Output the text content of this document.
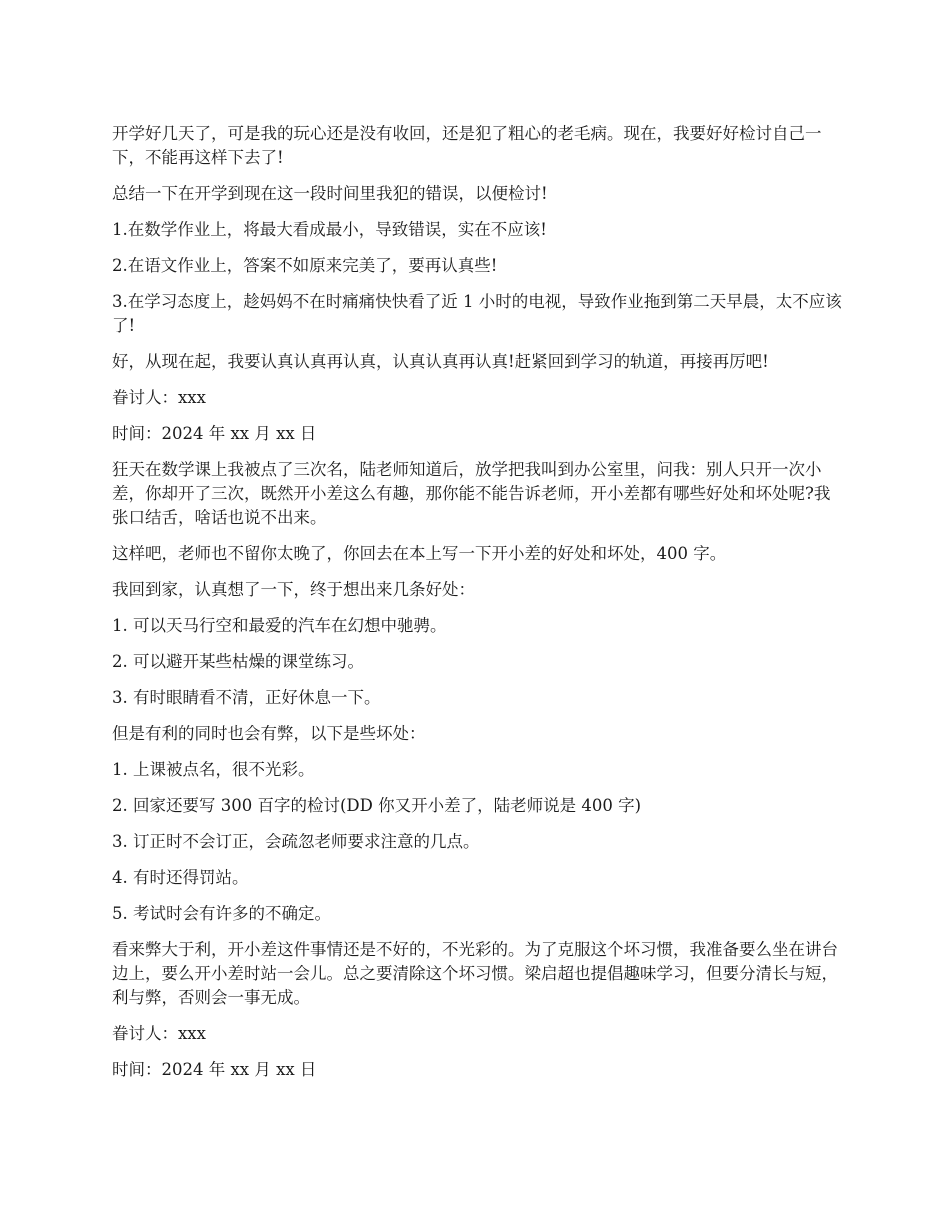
开学好几天了，可是我的玩心还是没有收回，还是犯了粗心的老毛病。现在，我要好好检讨自己一下，不能再这样下去了!

总结一下在开学到现在这一段时间里我犯的错误，以便检讨!

1.在数学作业上，将最大看成最小，导致错误，实在不应该!

2.在语文作业上，答案不如原来完美了，要再认真些!

3.在学习态度上，趁妈妈不在时痛痛快快看了近 1 小时的电视，导致作业拖到第二天早晨，太不应该了!

好，从现在起，我要认真认真再认真，认真认真再认真!赶紧回到学习的轨道，再接再厉吧!

眷讨人：xxx

时间：2024 年 xx 月 xx 日

狂天在数学课上我被点了三次名，陆老师知道后，放学把我叫到办公室里，问我：别人只开一次小差，你却开了三次，既然开小差这么有趣，那你能不能告诉老师，开小差都有哪些好处和坏处呢?我张口结舌，啥话也说不出来。

这样吧，老师也不留你太晚了，你回去在本上写一下开小差的好处和坏处，400 字。

我回到家，认真想了一下，终于想出来几条好处：

1. 可以天马行空和最爱的汽车在幻想中驰骋。

2. 可以避开某些枯燥的课堂练习。

3. 有时眼睛看不清，正好休息一下。

但是有利的同时也会有弊，以下是些坏处：

1. 上课被点名，很不光彩。

2. 回家还要写 300 百字的检讨(DD 你又开小差了，陆老师说是 400 字)

3. 订正时不会订正，会疏忽老师要求注意的几点。

4. 有时还得罚站。

5. 考试时会有许多的不确定。

看来弊大于利，开小差这件事情还是不好的，不光彩的。为了克服这个坏习惯，我准备要么坐在讲台边上，要么开小差时站一会儿。总之要清除这个坏习惯。梁启超也提倡趣味学习，但要分清长与短，利与弊，否则会一事无成。

眷讨人：xxx

时间：2024 年 xx 月 xx 日
